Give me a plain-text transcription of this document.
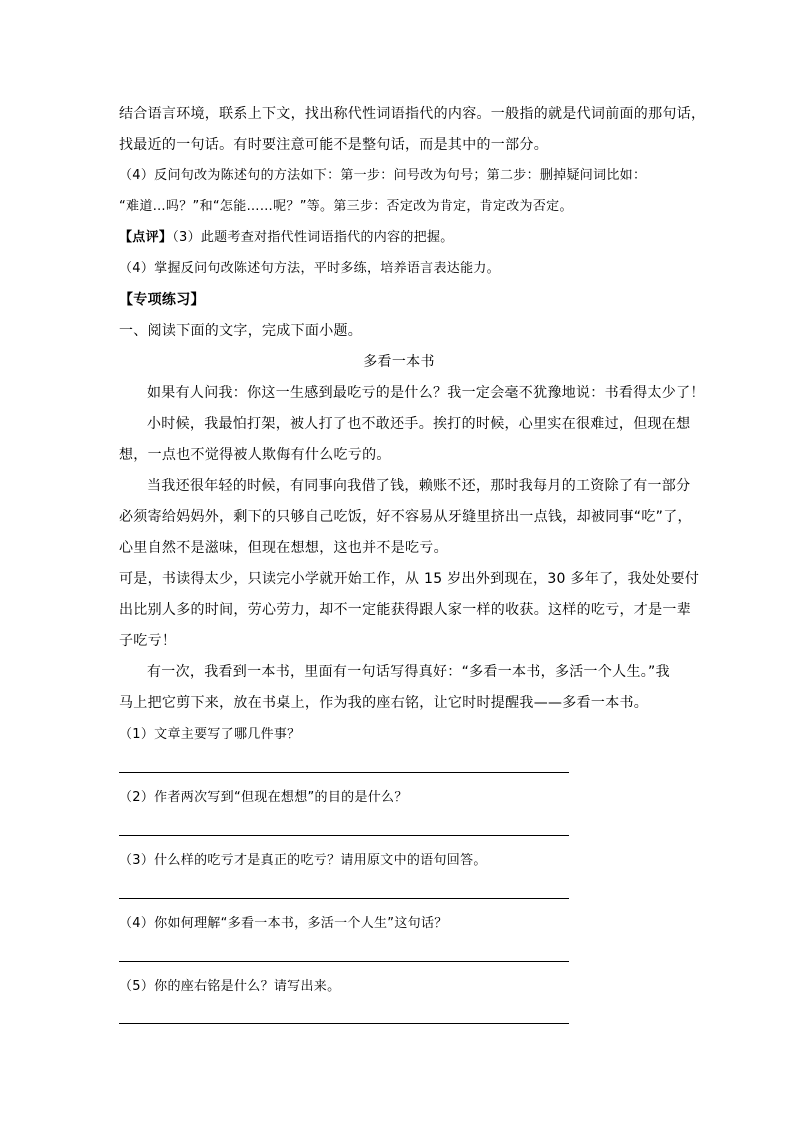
结合语言环境，联系上下文，找出称代性词语指代的内容。一般指的就是代词前面的那句话，
找最近的一句话。有时要注意可能不是整句话，而是其中的一部分。
（4）反问句改为陈述句的方法如下：第一步：问号改为句号；第二步：删掉疑问词比如：
“难道…吗？”和“怎能……呢？”等。第三步：否定改为肯定，肯定改为否定。
【点评】（3）此题考查对指代性词语指代的内容的把握。
（4）掌握反问句改陈述句方法，平时多练，培养语言表达能力。
【专项练习】
一、阅读下面的文字，完成下面小题。
多看一本书
如果有人问我：你这一生感到最吃亏的是什么？我一定会毫不犹豫地说：书看得太少了！
小时候，我最怕打架，被人打了也不敢还手。挨打的时候，心里实在很难过，但现在想
想，一点也不觉得被人欺侮有什么吃亏的。
当我还很年轻的时候，有同事向我借了钱，赖账不还，那时我每月的工资除了有一部分
必须寄给妈妈外，剩下的只够自己吃饭，好不容易从牙缝里挤出一点钱，却被同事“吃”了，
心里自然不是滋味，但现在想想，这也并不是吃亏。
可是，书读得太少，只读完小学就开始工作，从 15 岁出外到现在，30 多年了，我处处要付
出比别人多的时间，劳心劳力，却不一定能获得跟人家一样的收获。这样的吃亏，才是一辈
子吃亏！
有一次，我看到一本书，里面有一句话写得真好：“多看一本书，多活一个人生。”我
马上把它剪下来，放在书桌上，作为我的座右铭，让它时时提醒我——多看一本书。
（1）文章主要写了哪几件事？
（2）作者两次写到“但现在想想”的目的是什么？
（3）什么样的吃亏才是真正的吃亏？请用原文中的语句回答。
（4）你如何理解“多看一本书，多活一个人生”这句话？
（5）你的座右铭是什么？请写出来。
